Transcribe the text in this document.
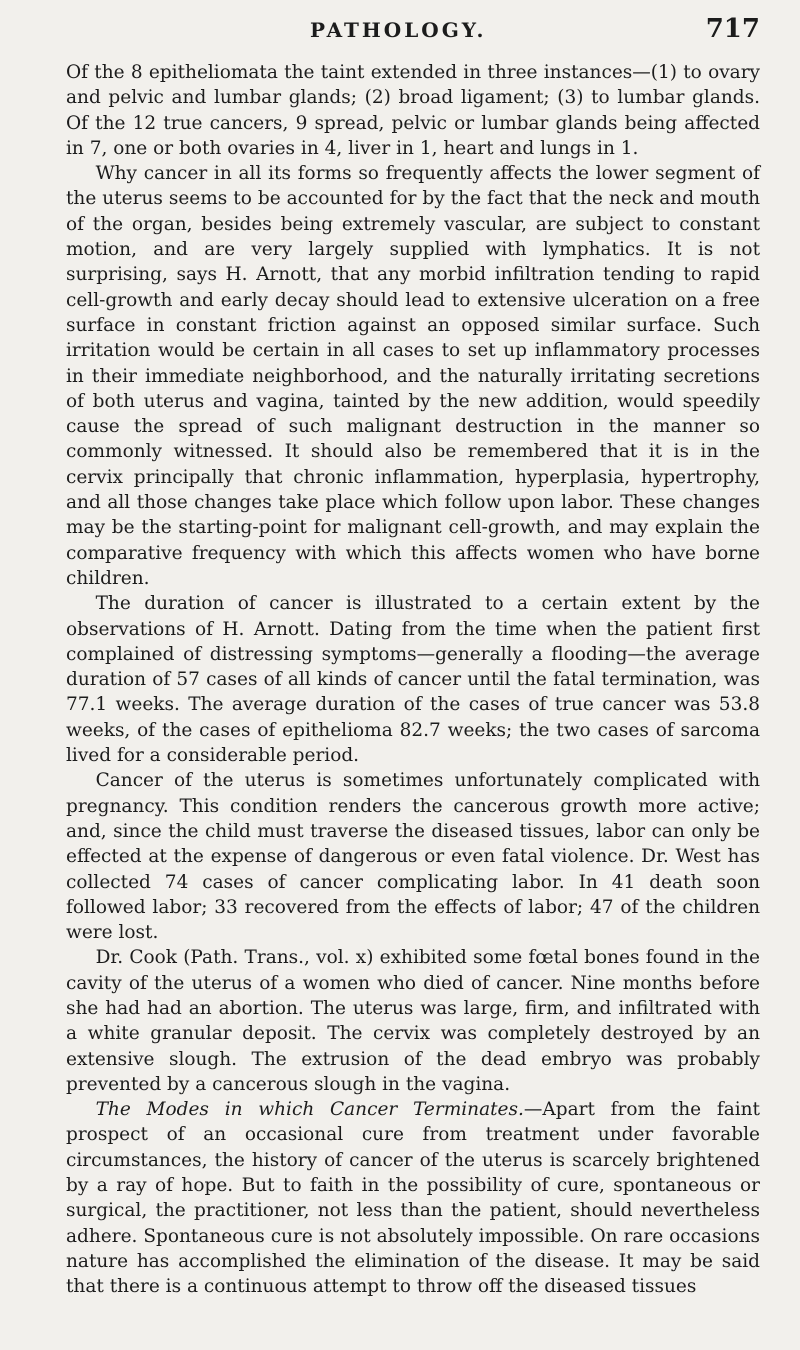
PATHOLOGY.	717

Of the 8 epitheliomata the taint extended in three instances—(1) to ovary and pelvic and lumbar glands; (2) broad ligament; (3) to lumbar glands. Of the 12 true cancers, 9 spread, pelvic or lumbar glands being affected in 7, one or both ovaries in 4, liver in 1, heart and lungs in 1.

Why cancer in all its forms so frequently affects the lower segment of the uterus seems to be accounted for by the fact that the neck and mouth of the organ, besides being extremely vascular, are subject to constant motion, and are very largely supplied with lymphatics. It is not surprising, says H. Arnott, that any morbid infiltration tending to rapid cell-growth and early decay should lead to extensive ulceration on a free surface in constant friction against an opposed similar surface. Such irritation would be certain in all cases to set up inflammatory processes in their immediate neighborhood, and the naturally irritating secretions of both uterus and vagina, tainted by the new addition, would speedily cause the spread of such malignant destruction in the manner so commonly witnessed. It should also be remembered that it is in the cervix principally that chronic inflammation, hyperplasia, hypertrophy, and all those changes take place which follow upon labor. These changes may be the starting-point for malignant cell-growth, and may explain the comparative frequency with which this affects women who have borne children.

The duration of cancer is illustrated to a certain extent by the observations of H. Arnott. Dating from the time when the patient first complained of distressing symptoms—generally a flooding—the average duration of 57 cases of all kinds of cancer until the fatal termination, was 77.1 weeks. The average duration of the cases of true cancer was 53.8 weeks, of the cases of epithelioma 82.7 weeks; the two cases of sarcoma lived for a considerable period.

Cancer of the uterus is sometimes unfortunately complicated with pregnancy. This condition renders the cancerous growth more active; and, since the child must traverse the diseased tissues, labor can only be effected at the expense of dangerous or even fatal violence. Dr. West has collected 74 cases of cancer complicating labor. In 41 death soon followed labor; 33 recovered from the effects of labor; 47 of the children were lost.

Dr. Cook (Path. Trans., vol. x) exhibited some fœtal bones found in the cavity of the uterus of a women who died of cancer. Nine months before she had had an abortion. The uterus was large, firm, and infiltrated with a white granular deposit. The cervix was completely destroyed by an extensive slough. The extrusion of the dead embryo was probably prevented by a cancerous slough in the vagina.

The Modes in which Cancer Terminates.—Apart from the faint prospect of an occasional cure from treatment under favorable circumstances, the history of cancer of the uterus is scarcely brightened by a ray of hope. But to faith in the possibility of cure, spontaneous or surgical, the practitioner, not less than the patient, should nevertheless adhere. Spontaneous cure is not absolutely impossible. On rare occasions nature has accomplished the elimination of the disease. It may be said that there is a continuous attempt to throw off the diseased tissues
